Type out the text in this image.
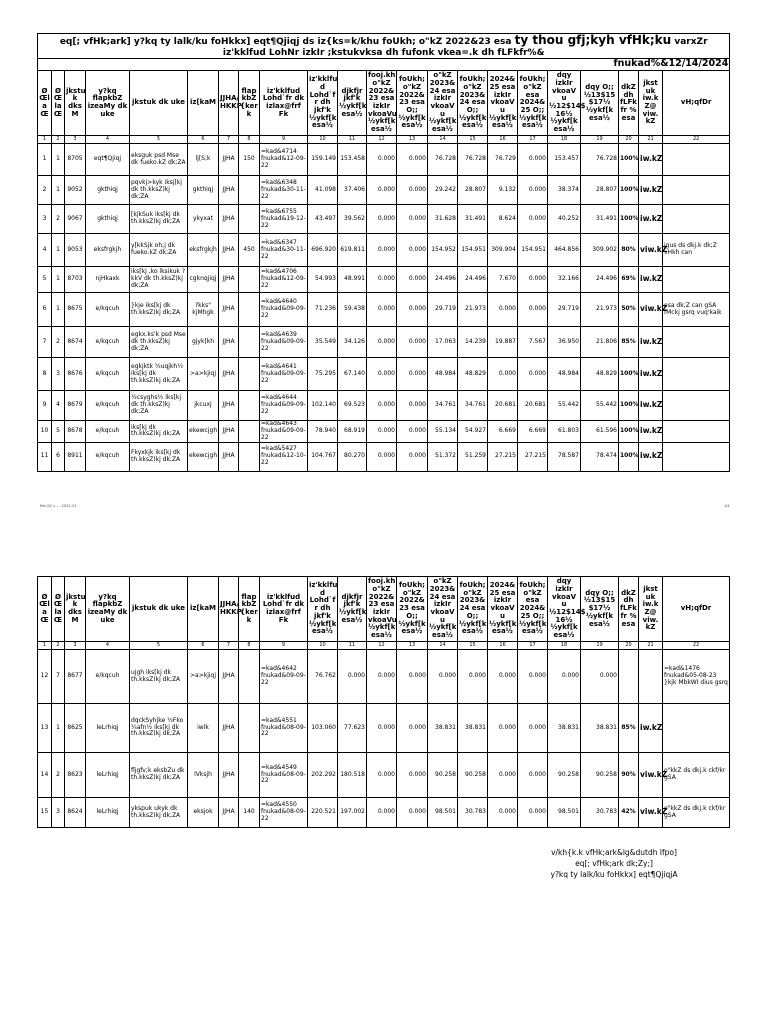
eq[; vfHk;ark] y?kq ty lalk/ku foHkkx] eqt¶Qjiqj ds iz{ks=k/khu foUkh; o"kZ 2022&23 esa ty thou gfj;kyh vfHk;ku varxZr
iz'kklfud LohNr izkIr ;kstukvksa dh fufonk vkea=.k dh fLFkfr%&																					
fnukad%&12/14/2024																					
Ø Œl a Œ	Ø Œ la Œ	jkstu k dks M	y?kq flapkbZ izeaMy dk uke	jkstuk dk uke	iz[kaM	JJHA/ HKKP	flap kbZ {ker k	iz'kklfud Lohd`fr dk izlax@frf Fk	iz'kklfu d Lohd`f r dh jkf'k ½ykf[k esa½	djkfjr jkf'k ½ykf[k esa½	fooj.kh o"kZ 2022& 23 esa izkIr vkoaVu ½ykf[k esa½	foUkh; o"kZ 2022& 23 esa O;; ½ykf[k esa½	o"kZ 2023& 24 esa izkIr vkoaV u ½ykf[k esa½	foUkh; o"kZ 2023& 24 esa O;; ½ykf[k esa½	2024& 25 esa izkIr vkoaV u ½ykf[k esa½	foUkh; o"kZ esa 2024& 25 O;; ½ykf[k esa½	dqy izkIr vkoaV u ½12$14$ 16½ ½ykf[k esa½	dqy O;; ½13$15 $17½ ½ykf[k esa½	dkZ dh fLFk fr % esa	jkst uk iw.k Z@ viw. kZ	vH;qfDr
1	2	3	4	5	6	7	8	9	10	11	12	13	14	15	16	17	18	19	20	21	22
1	1	8705	eqt¶Qjiqj	eksguk psd Mse dk fueko.kZ dk;ZA	lj[S;k	JJHA	150	=kad&4714 fnukad&12-09-22	159.149	153.458	0.000	0.000	76.728	76.728	76.729	0.000	153.457	76.728	100%	iw.kZ	
2	1	9052	gkthiqj	pqvkj>kyk iksj[kj dk th.kksZ)kj dk;ZA	gkthiqj	JJHA		=kad&6348 fnukad&30-11-22	41.098	37.406	0.000	0.000	29.242	28.807	9.132	0.000	38.374	28.807	100%	iw.kZ	
3	2	9067	gkthiqj	[kjkSuk iks[kj dk th.kksZ)kj dk;ZA	ykyxat	JJHA		=kad&6755 fnukad&19-12-22	43.497	39.562	0.000	0.000	31.628	31.491	8.624	0.000	40.252	31.491	100%	iw.kZ	
4	1	9053	eksfrgkjh	y[kkSjk oh;j dk fueko.kZ dk;ZA	eksfrgkjh	JJHA	450	=kad&6347 fnukad&30-11-22	696.920	619.811	0.000	0.000	154.952	154.951	309.904	154.951	464.856	309.902	80%	viw.kZ	jgus ds dkj.k dk;Z vHkh can
5	1	8703	njHkaxk	iks[kj ,ko lksikuk ?kkV dk th.kksZ)kj dk;ZA	cgknqjiqj	JJHA		=kad&4706 fnukad&12-09-22	54.993	48.991	0.000	0.000	24.496	24.496	7.670	0.000	32.166	24.496	69%	iw.kZ	
6	1	8675	e/kqcuh	}kje iks[kj dk th.kksZ)kj dk;ZA	?kks" kjMhgk	JJHA		=kad&4640 fnukad&09-09-22	71.236	59.438	0.000	0.000	29.719	21.973	0.000	0.000	29.719	21.973	50%	viw.kZ	esa dk;Z can gSA fMckj gsrq vuq'kaik
7	2	8674	e/kqcuh	egkx.ks'k psd Mse dk th.kksZ)kj dk;ZA	gjyk[kh	JJHA		=kad&4639 fnukad&09-09-22	35.549	34.126	0.000	0.000	17.063	14.239	19.887	7.567	36.950	21.806	85%	iw.kZ	
8	3	8676	e/kqcuh	egkjktk ½uqjkh½ iks[kj dk th.kksZ)kj dk;ZA	>a>kjiqj	JJHA		=kad&4641 fnukad&09-09-22	75.295	67.140	0.000	0.000	48.984	48.829	0.000	0.000	48.984	48.829	100%	iw.kZ	
9	4	8679	e/kqcuh	½csyghs½ iks[kj dk th.kksZ)kj dk;ZA	jkcuxj	JJHA		=kad&4644 fnukad&09-09-22	102.140	69.523	0.000	0.000	34.761	34.761	20.681	20.681	55.442	55.442	100%	iw.kZ	
10	5	8678	e/kqcuh	iks[kj dk th.kksZ)kj dk;ZA	ekewcjgh	JJHA		=kad&4643 fnukad&09-09-22	78.940	68.919	0.000	0.000	55.134	54.927	6.669	6.669	61.803	61.596	100%	iw.kZ	
11	6	8911	e/kqcuh	Fkyxkjk iks[kj dk th.kksZ)kj dk;ZA	ekewcjgh	JJHA		=kad&5427 fnukad&12-10-22	104.767	80.270	0.000	0.000	51.372	51.259	27.215	27.215	78.587	78.474	100%	iw.kZ	
file:///C:/... - 2022-23	1/4
Ø Œl a Œ	Ø Œ la Œ	jkstu k dks M	y?kq flapkbZ izeaMy dk uke	jkstuk dk uke	iz[kaM	JJHA/ HKKP	flap kbZ {ker k	iz'kklfud Lohd`fr dk izlax@frf Fk	iz'kklfu d Lohd`f r dh jkf'k ½ykf[k esa½	djkfjr jkf'k ½ykf[k esa½	fooj.kh o"kZ 2022& 23 esa izkIr vkoaVu ½ykf[k esa½	foUkh; o"kZ 2022& 23 esa O;; ½ykf[k esa½	o"kZ 2023& 24 esa izkIr vkoaV u ½ykf[k esa½	foUkh; o"kZ 2023& 24 esa O;; ½ykf[k esa½	2024& 25 esa izkIr vkoaV u ½ykf[k esa½	foUkh; o"kZ esa 2024& 25 O;; ½ykf[k esa½	dqy izkIr vkoaV u ½12$14$ 16½ ½ykf[k esa½	dqy O;; ½13$15 $17½ ½ykf[k esa½	dkZ dh fLFk fr % esa	jkst uk iw.k Z@ viw. kZ	vH;qfDr
1	2	3	4	5	6	7	8	9	10	11	12	13	14	15	16	17	18	19	20	21	22
12	7	8677	e/kqcuh	ujgh iks[kj dk th.kksZ)kj dk;ZA	>a>kjiqj	JJHA		=kad&4642 fnukad&09-09-22	76.762	0.000	0.000	0.000	0.000	0.000	0.000	0.000	0.000	0.000			=kad&1476 fnukad&05-08-23 }kjk MbkWI dius gsrq
13	1	8625	leLrhiqj	dqckSyhjke ½Fko ¼afn½ iks[kj dk th.kksZ)kj dk;ZA	iwlk	JJHA		=kad&4551 fnukad&08-09-22	103.060	77.623	0.000	0.000	38.831	38.831	0.000	0.000	38.831	38.831	85%	iw.kZ	
14	2	8623	leLrhiqj	fljgfv;k eksbZu dk th.kksZ)kj dk;ZA	lVksjh	JJHA		=kad&4549 fnukad&08-09-22	202.292	180.518	0.000	0.000	90.258	90.258	0.000	0.000	90.258	90.258	90%	viw.kZ	o"kkZ ds dkj.k ckf/kr gSA
15	3	8624	leLrhiqj	ykspuk ukyk dk th.kksZ)kj dk;ZA	eksjok	JJHA	140	=kad&4550 fnukad&08-09-22	220.521	197.002	0.000	0.000	98.501	30.783	0.000	0.000	98.501	30.783	42%	viw.kZ	o"kkZ ds dkj.k ckf/kr gSA
v/kh{k.k vfHk;ark&lg&dutdh lfpo]
eq[; vfHk;ark dk;Zy;]
y?kq ty lalk/ku foHkkx] eqt¶QjiqjA
